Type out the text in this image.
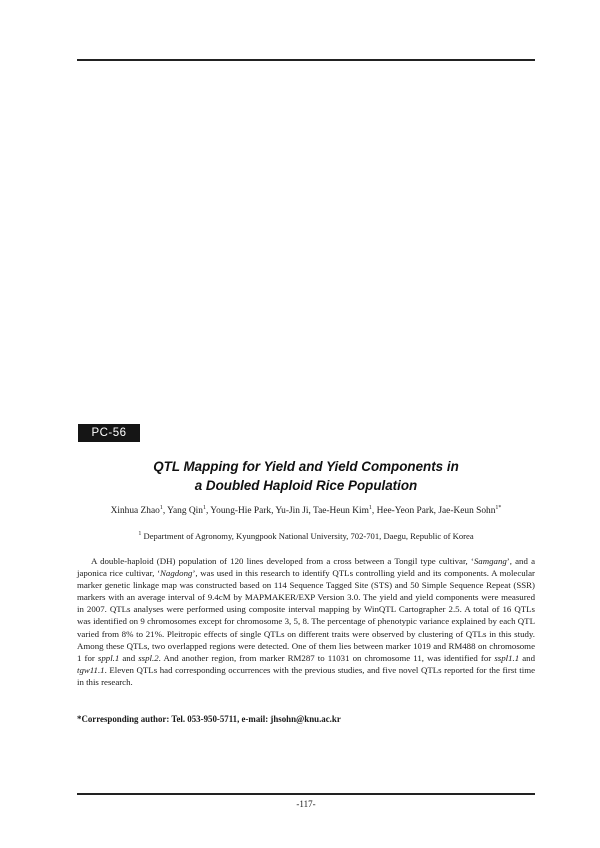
PC-56
QTL Mapping for Yield and Yield Components in
a Doubled Haploid Rice Population
Xinhua Zhao$^1$, Yang Qin$^1$, Young-Hie Park, Yu-Jin Ji, Tae-Heun Kim$^1$, Hee-Yeon Park, Jae-Keun Sohn$^{1*}$
$^1$ Department of Agronomy, Kyungpook National University, 702-701, Daegu, Republic of Korea

A double-haploid (DH) population of 120 lines developed from a cross between a Tongil type cultivar, ‘Samgang’, and a japonica rice cultivar, ‘Nagdong’, was used in this research to identify QTLs controlling yield and its components. A molecular marker genetic linkage map was constructed based on 114 Sequence Tagged Site (STS) and 50 Simple Sequence Repeat (SSR) markers with an average interval of 9.4cM by MAPMAKER/EXP Version 3.0. The yield and yield components were measured in 2007. QTLs analyses were performed using composite interval mapping by WinQTL Cartographer 2.5. A total of 16 QTLs was identified on 9 chromosomes except for chromosome 3, 5, 8. The percentage of phenotypic variance explained by each QTL varied from 8% to 21%. Pleitropic effects of single QTLs on different traits were observed by clustering of QTLs in this study. Among these QTLs, two overlapped regions were detected. One of them lies between marker 1019 and RM488 on chromosome 1 for sppl.1 and sspl.2. And another region, from marker RM287 to 11031 on chromosome 11, was identified for sspl1.1 and tgw11.1. Eleven QTLs had corresponding occurrences with the previous studies, and five novel QTLs reported for the first time in this research.

*Corresponding author: Tel. 053-950-5711, e-mail: jhsohn@knu.ac.kr
-117-
